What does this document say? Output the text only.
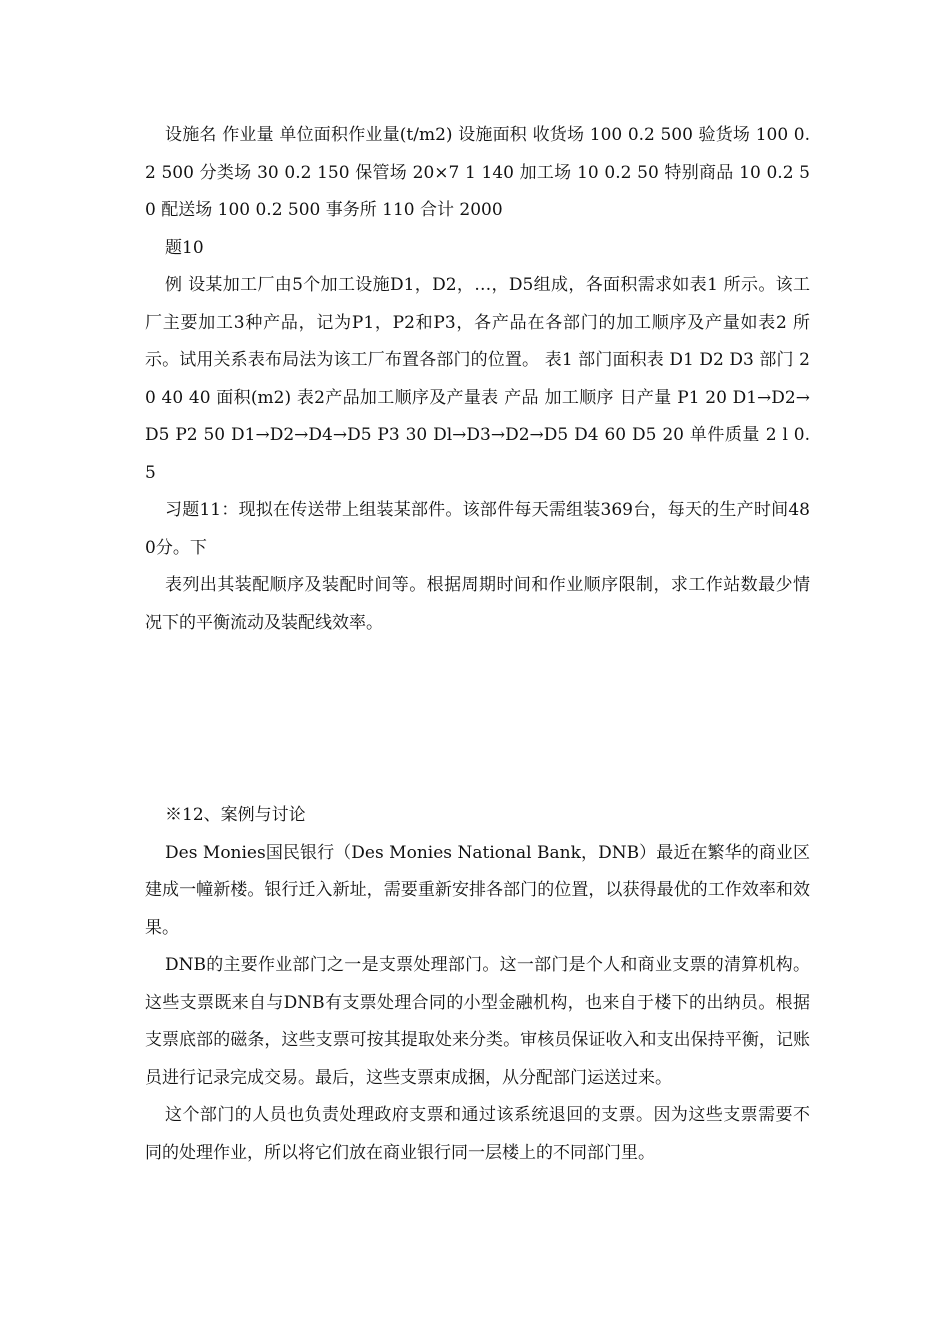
设施名 作业量 单位面积作业量(t/m2) 设施面积 收货场 100 0.2 500 验货场 100 0.2 500 分类场 30 0.2 150 保管场 20×7 1 140 加工场 10 0.2 50 特别商品 10 0.2 50 配送场 100 0.2 500 事务所 110 合计 2000

题10

例 设某加工厂由5个加工设施D1，D2，…，D5组成，各面积需求如表1 所示。该工厂主要加工3种产品，记为P1，P2和P3，各产品在各部门的加工顺序及产量如表2 所示。试用关系表布局法为该工厂布置各部门的位置。 表1 部门面积表 D1 D2 D3 部门 20 40 40 面积(m2) 表2产品加工顺序及产量表 产品 加工顺序 日产量 P1 20 D1→D2→D5 P2 50 D1→D2→D4→D5 P3 30 Dl→D3→D2→D5 D4 60 D5 20 单件质量 2 l 0.5

习题11：现拟在传送带上组装某部件。该部件每天需组装369台，每天的生产时间480分。下

表列出其装配顺序及装配时间等。根据周期时间和作业顺序限制，求工作站数最少情况下的平衡流动及装配线效率。

※12、案例与讨论

Des Monies国民银行（Des Monies National Bank，DNB）最近在繁华的商业区建成一幢新楼。银行迁入新址，需要重新安排各部门的位置，以获得最优的工作效率和效果。

DNB的主要作业部门之一是支票处理部门。这一部门是个人和商业支票的清算机构。这些支票既来自与DNB有支票处理合同的小型金融机构，也来自于楼下的出纳员。根据支票底部的磁条，这些支票可按其提取处来分类。审核员保证收入和支出保持平衡，记账员进行记录完成交易。最后，这些支票束成捆，从分配部门运送过来。

这个部门的人员也负责处理政府支票和通过该系统退回的支票。因为这些支票需要不同的处理作业，所以将它们放在商业银行同一层楼上的不同部门里。
